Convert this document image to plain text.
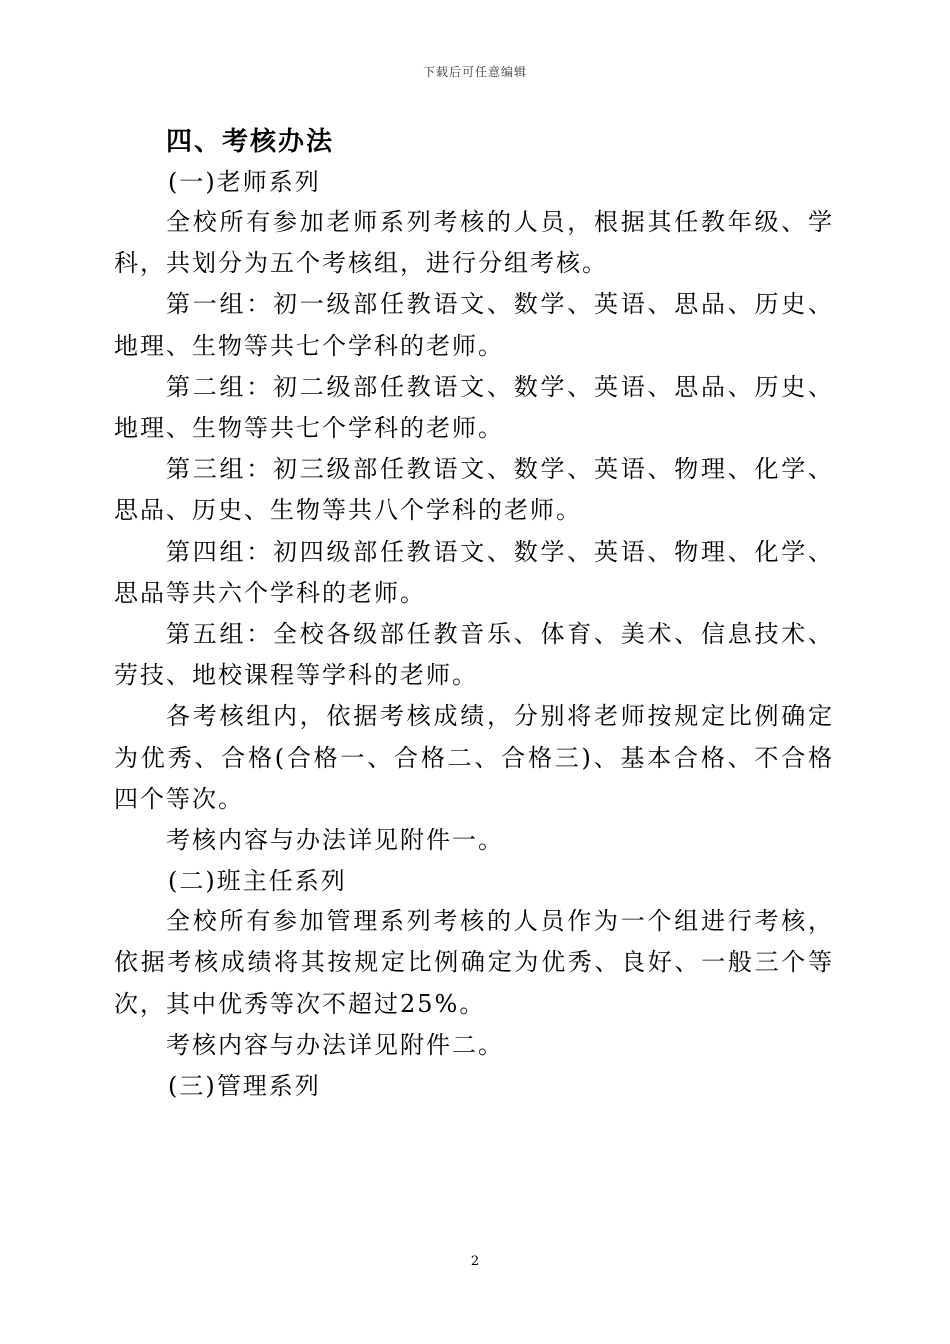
下载后可任意编辑
四、考核办法

(一)老师系列

全校所有参加老师系列考核的人员，根据其任教年级、学科，共划分为五个考核组，进行分组考核。

第一组：初一级部任教语文、数学、英语、思品、历史、地理、生物等共七个学科的老师。

第二组：初二级部任教语文、数学、英语、思品、历史、地理、生物等共七个学科的老师。

第三组：初三级部任教语文、数学、英语、物理、化学、思品、历史、生物等共八个学科的老师。

第四组：初四级部任教语文、数学、英语、物理、化学、思品等共六个学科的老师。

第五组：全校各级部任教音乐、体育、美术、信息技术、劳技、地校课程等学科的老师。

各考核组内，依据考核成绩，分别将老师按规定比例确定为优秀、合格(合格一、合格二、合格三)、基本合格、不合格四个等次。

考核内容与办法详见附件一。

(二)班主任系列

全校所有参加管理系列考核的人员作为一个组进行考核，依据考核成绩将其按规定比例确定为优秀、良好、一般三个等次，其中优秀等次不超过25%。

考核内容与办法详见附件二。

(三)管理系列

2
